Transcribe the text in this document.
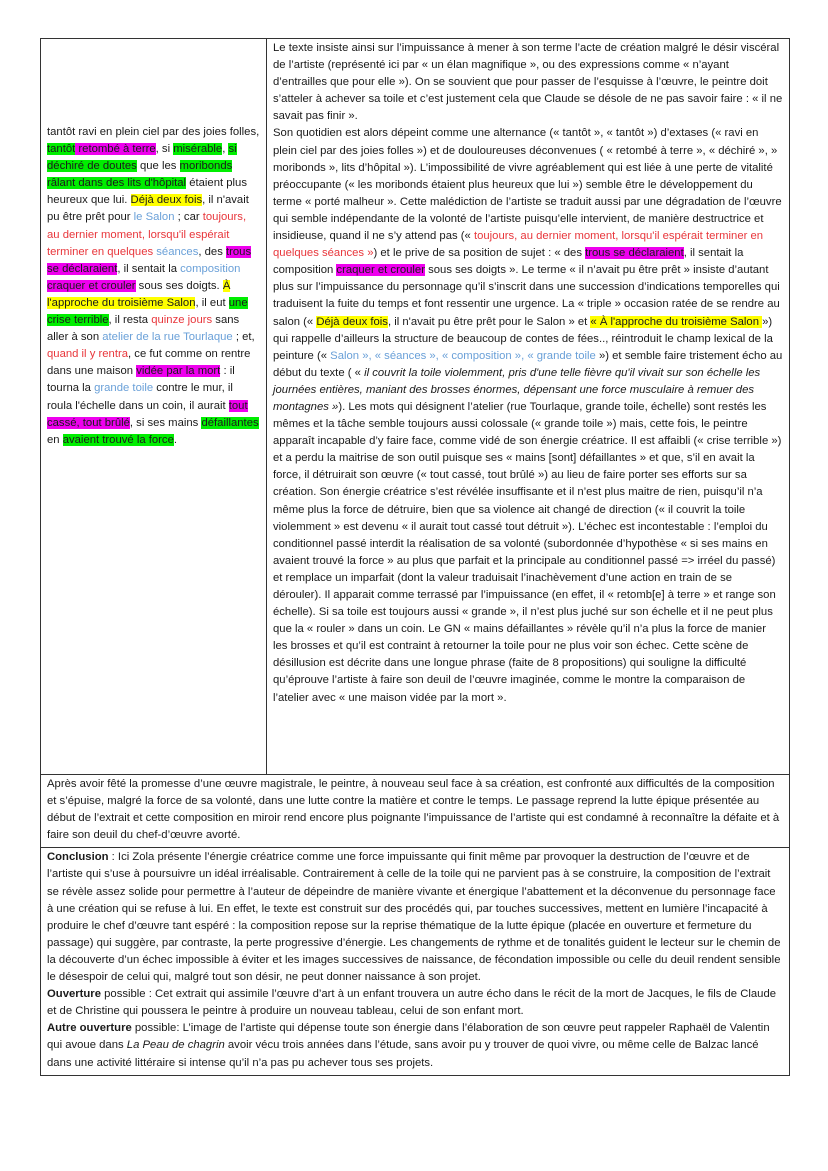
tantôt ravi en plein ciel par des joies folles, tantôt retombé à terre, si misérable, si déchiré de doutes que les moribonds râlant dans des lits d'hôpital étaient plus heureux que lui. Déjà deux fois, il n'avait pu être prêt pour le Salon ; car toujours, au dernier moment, lorsqu'il espérait terminer en quelques séances, des trous se déclaraient, il sentait la composition craquer et crouler sous ses doigts. À l'approche du troisième Salon, il eut une crise terrible, il resta quinze jours sans aller à son atelier de la rue Tourlaque ; et, quand il y rentra, ce fut comme on rentre dans une maison vidée par la mort : il tourna la grande toile contre le mur, il roula l'échelle dans un coin, il aurait tout cassé, tout brûlé, si ses mains défaillantes en avaient trouvé la force.

Le texte insiste ainsi sur l’impuissance à mener à son terme l’acte de création malgré le désir viscéral de l’artiste (représenté ici par « un élan magnifique », ou des expressions comme « n’ayant d’entrailles que pour elle »). On se souvient que pour passer de l’esquisse à l’œuvre, le peintre doit s’atteler à achever sa toile et c’est justement cela que Claude se désole de ne pas savoir faire : « il ne savait pas finir ».

Son quotidien est alors dépeint comme une alternance (« tantôt », « tantôt ») d’extases (« ravi en plein ciel par des joies folles ») et de douloureuses déconvenues ( « retombé à terre », « déchiré », » moribonds », lits d’hôpital »). L’impossibilité de vivre agréablement qui est liée à une perte de vitalité préoccupante (« les moribonds étaient plus heureux que lui ») semble être le développement du terme « porté malheur ». Cette malédiction de l’artiste se traduit aussi par une dégradation de l’œuvre qui semble indépendante de la volonté de l’artiste puisqu’elle intervient, de manière destructrice et insidieuse, quand il ne s’y attend pas (« toujours, au dernier moment, lorsqu'il espérait terminer en quelques séances ») et le prive de sa position de sujet : « des trous se déclaraient, il sentait la composition craquer et crouler sous ses doigts ». Le terme « il n’avait pu être prêt » insiste d’autant plus sur l’impuissance du personnage qu’il s’inscrit dans une succession d’indications temporelles qui traduisent la fuite du temps et font ressentir une urgence. La « triple » occasion ratée de se rendre au salon (« Déjà deux fois, il n'avait pu être prêt pour le Salon » et « À l'approche du troisième Salon ») qui rappelle d’ailleurs la structure de beaucoup de contes de fées.., réintroduit le champ lexical de la peinture (« Salon », « séances », « composition », « grande toile ») et semble faire tristement écho au début du texte ( « il couvrit la toile violemment, pris d'une telle fièvre qu'il vivait sur son échelle les journées entières, maniant des brosses énormes, dépensant une force musculaire à remuer des montagnes »). Les mots qui désignent l’atelier (rue Tourlaque, grande toile, échelle) sont restés les mêmes et la tâche semble toujours aussi colossale (« grande toile ») mais, cette fois, le peintre apparaît incapable d’y faire face, comme vidé de son énergie créatrice. Il est affaibli (« crise terrible ») et a perdu la maitrise de son outil puisque ses « mains [sont] défaillantes » et que, s’il en avait la force, il détruirait son œuvre (« tout cassé, tout brûlé ») au lieu de faire porter ses efforts sur sa création. Son énergie créatrice s’est révélée insuffisante et il n’est plus maitre de rien, puisqu’il n’a même plus la force de détruire, bien que sa violence ait changé de direction (« il couvrit la toile violemment » est devenu « il aurait tout cassé tout détruit »). L’échec est incontestable : l’emploi du conditionnel passé interdit la réalisation de sa volonté (subordonnée d’hypothèse « si ses mains en avaient trouvé la force » au plus que parfait et la principale au conditionnel passé => irréel du passé) et remplace un imparfait (dont la valeur traduisait l’inachèvement d’une action en train de se dérouler). Il apparait comme terrassé par l’impuissance (en effet, il « retomb[e] à terre » et range son échelle). Si sa toile est toujours aussi « grande », il n’est plus juché sur son échelle et il ne peut plus que la « rouler » dans un coin. Le GN « mains défaillantes » révèle qu’il n’a plus la force de manier les brosses et qu’il est contraint à retourner la toile pour ne plus voir son échec. Cette scène de désillusion est décrite dans une longue phrase (faite de 8 propositions) qui souligne la difficulté qu’éprouve l’artiste à faire son deuil de l’œuvre imaginée, comme le montre la comparaison de l’atelier avec « une maison vidée par la mort ».

Après avoir fêté la promesse d’une œuvre magistrale, le peintre, à nouveau seul face à sa création, est confronté aux difficultés de la composition et s’épuise, malgré la force de sa volonté, dans une lutte contre la matière et contre le temps. Le passage reprend la lutte épique présentée au début de l’extrait et cette composition en miroir rend encore plus poignante l’impuissance de l’artiste qui est condamné à reconnaître la défaite et à faire son deuil du chef-d’œuvre avorté.

Conclusion : Ici Zola présente l’énergie créatrice comme une force impuissante qui finit même par provoquer la destruction de l’œuvre et de l’artiste qui s’use à poursuivre un idéal irréalisable. Contrairement à celle de la toile qui ne parvient pas à se construire, la composition de l’extrait se révèle assez solide pour permettre à l’auteur de dépeindre de manière vivante et énergique l’abattement et la déconvenue du personnage face à une création qui se refuse à lui. En effet, le texte est construit sur des procédés qui, par touches successives, mettent en lumière l’incapacité à produire le chef d’œuvre tant espéré : la composition repose sur la reprise thématique de la lutte épique (placée en ouverture et fermeture du passage) qui suggère, par contraste, la perte progressive d’énergie. Les changements de rythme et de tonalités guident le lecteur sur le chemin de la découverte d’un échec impossible à éviter et les images successives de naissance, de fécondation impossible ou celle du deuil rendent sensible le désespoir de celui qui, malgré tout son désir, ne peut donner naissance à son projet.

Ouverture possible : Cet extrait qui assimile l’œuvre d’art à un enfant trouvera un autre écho dans le récit de la mort de Jacques, le fils de Claude et de Christine qui poussera le peintre à produire un nouveau tableau, celui de son enfant mort.

Autre ouverture possible: L’image de l’artiste qui dépense toute son énergie dans l’élaboration de son œuvre peut rappeler Raphaël de Valentin qui avoue dans La Peau de chagrin avoir vécu trois années dans l’étude, sans avoir pu y trouver de quoi vivre, ou même celle de Balzac lancé dans une activité littéraire si intense qu’il n’a pas pu achever tous ses projets.
